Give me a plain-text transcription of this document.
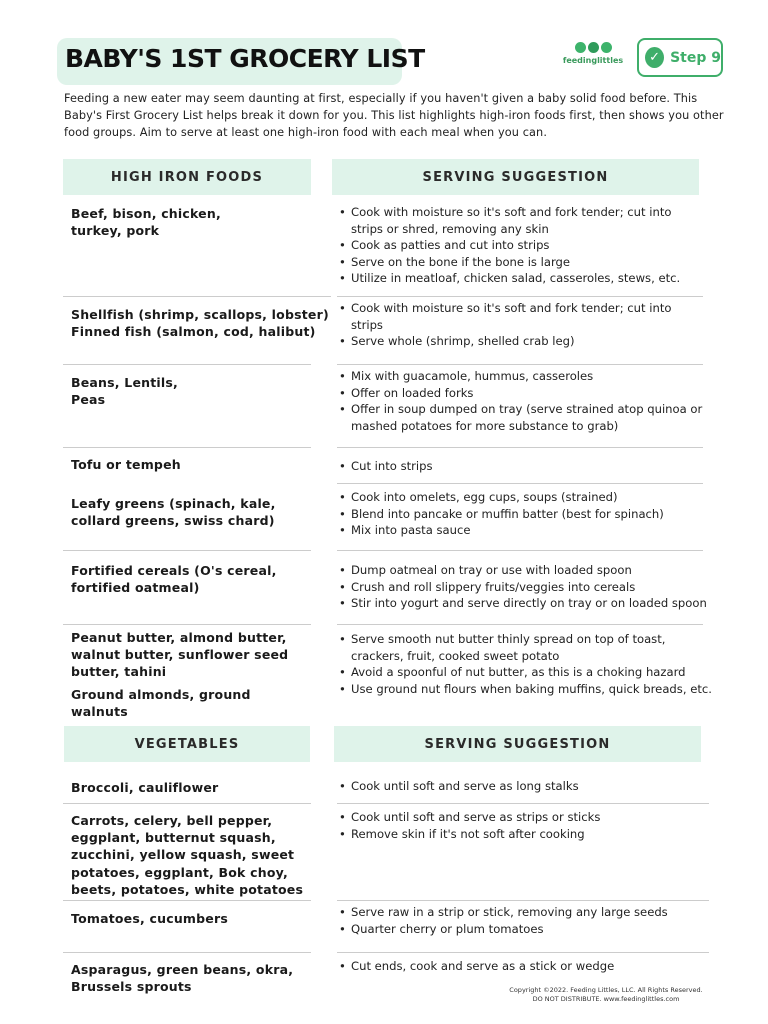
BABY'S 1ST GROCERY LIST	feedinglittles	✓ Step 9
Feeding a new eater may seem daunting at first, especially if you haven't given a baby solid food before. This Baby's First Grocery List helps break it down for you. This list highlights high-iron foods first, then shows you other food groups. Aim to serve at least one high-iron food with each meal when you can.
HIGH IRON FOODS	SERVING SUGGESTION
Beef, bison, chicken, turkey, pork
• Cook with moisture so it's soft and fork tender; cut into strips or shred, removing any skin
• Cook as patties and cut into strips
• Serve on the bone if the bone is large
• Utilize in meatloaf, chicken salad, casseroles, stews, etc.
Shellfish (shrimp, scallops, lobster) Finned fish (salmon, cod, halibut)
• Cook with moisture so it's soft and fork tender; cut into strips
• Serve whole (shrimp, shelled crab leg)
Beans, Lentils, Peas
• Mix with guacamole, hummus, casseroles
• Offer on loaded forks
• Offer in soup dumped on tray (serve strained atop quinoa or mashed potatoes for more substance to grab)
Tofu or tempeh	• Cut into strips
Leafy greens (spinach, kale, collard greens, swiss chard)
• Cook into omelets, egg cups, soups (strained)
• Blend into pancake or muffin batter (best for spinach)
• Mix into pasta sauce
Fortified cereals (O's cereal, fortified oatmeal)
• Dump oatmeal on tray or use with loaded spoon
• Crush and roll slippery fruits/veggies into cereals
• Stir into yogurt and serve directly on tray or on loaded spoon
Peanut butter, almond butter, walnut butter, sunflower seed butter, tahini
Ground almonds, ground walnuts
• Serve smooth nut butter thinly spread on top of toast, crackers, fruit, cooked sweet potato
• Avoid a spoonful of nut butter, as this is a choking hazard
• Use ground nut flours when baking muffins, quick breads, etc.
VEGETABLES	SERVING SUGGESTION
Broccoli, cauliflower	• Cook until soft and serve as long stalks
Carrots, celery, bell pepper, eggplant, butternut squash, zucchini, yellow squash, sweet potatoes, eggplant, Bok choy, beets, potatoes, white potatoes
• Cook until soft and serve as strips or sticks
• Remove skin if it's not soft after cooking
Tomatoes, cucumbers	• Serve raw in a strip or stick, removing any large seeds
• Quarter cherry or plum tomatoes
Asparagus, green beans, okra, Brussels sprouts
• Cut ends, cook and serve as a stick or wedge
Copyright ©2022. Feeding Littles, LLC. All Rights Reserved.
DO NOT DISTRIBUTE. www.feedinglittles.com
